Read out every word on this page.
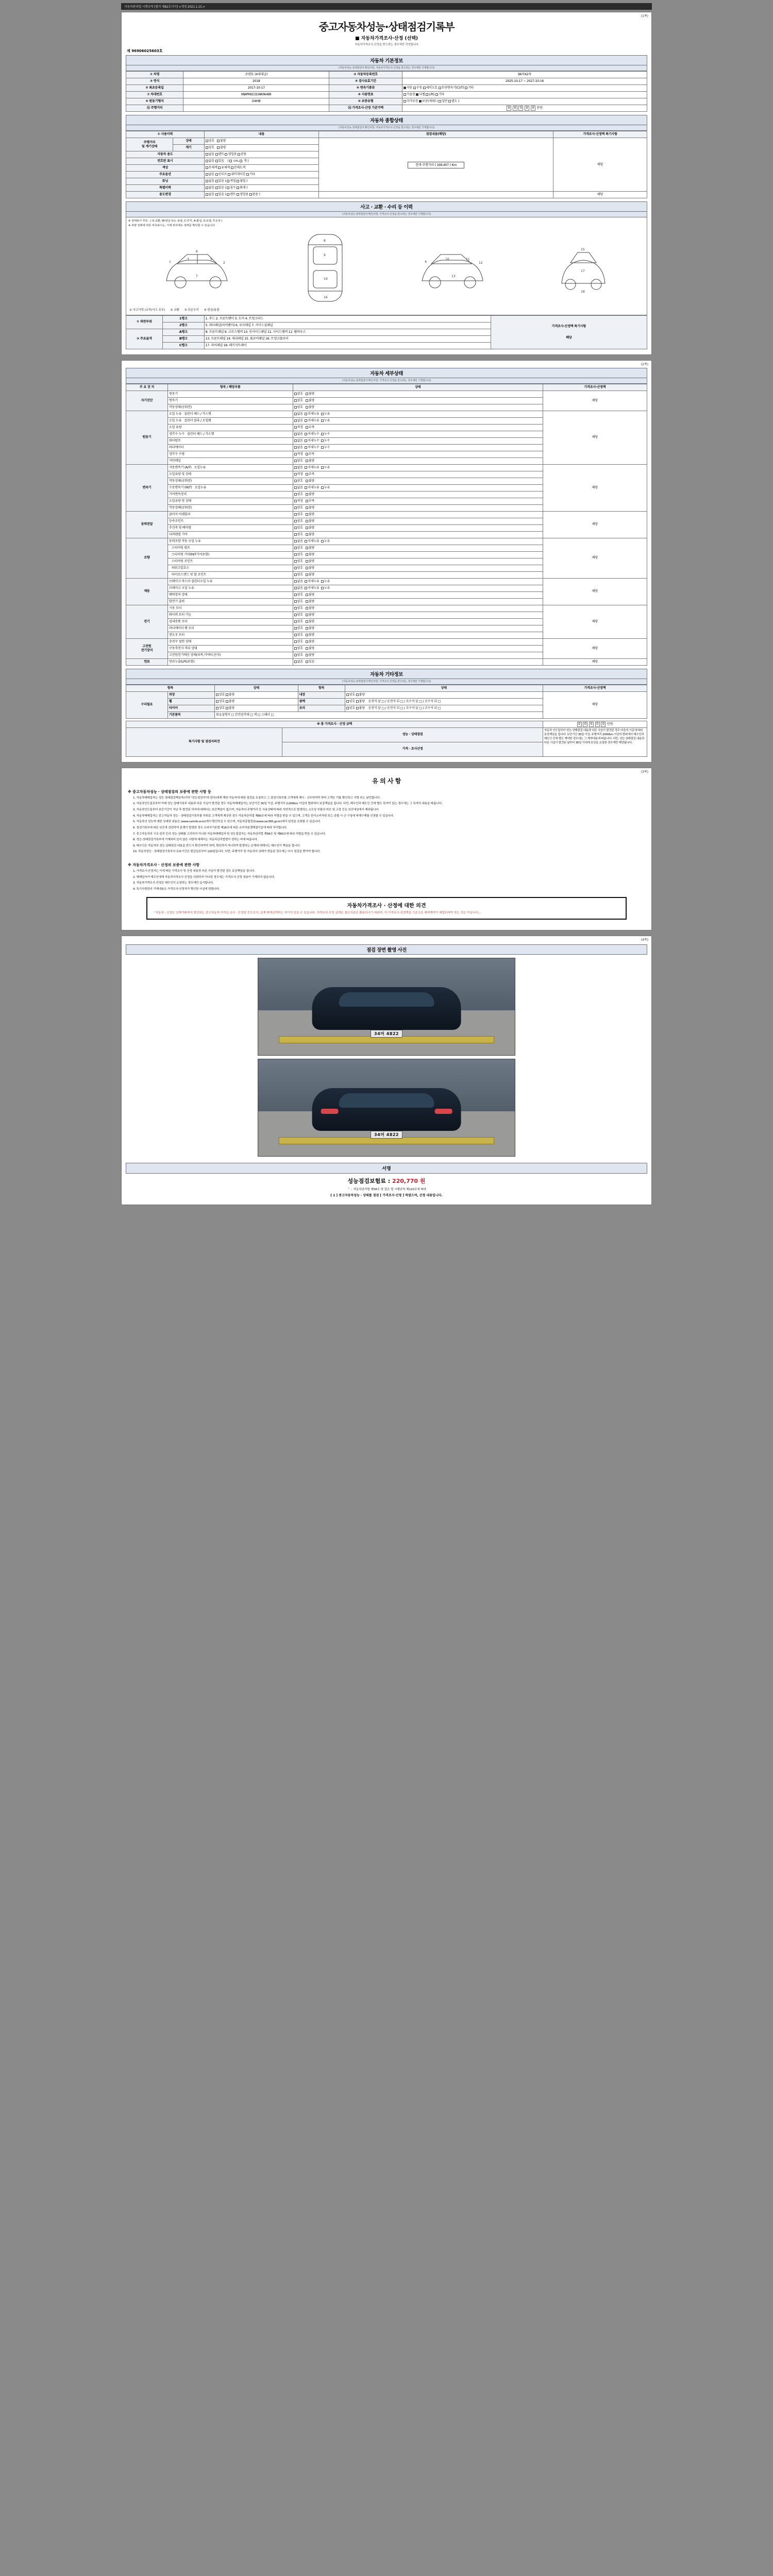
자동차관리법 시행규칙 [별지 제82호서식] <개정 2021.1.15.>
(1쪽)
중고자동차성능·상태점검기록부
■ 자동차가격조사·산정 (선택)
자동차가격조사·산정을 받으려는 경우에만 작성합니다
제 96906025603호
자동차 기본정보
(자동차성능·상태점검자 확인사항, 자동차가격조사·산정을 받으려는 경우에만 기재합니다)
① 차명	쏘렌토 (4세대급)	② 자동차등록번호	96차42차
③ 연식	2018	④ 검사유효기간	2025-10-17 ~ 2027-10-16
⑤ 최초등록일	2017-10-17	⑥ 변속기종류	자동 수동 세미오토 무단변속기(CVT) 기타
⑦ 차대번호	KNAPH81CDJAK06480	⑧ 사용연료	가솔린 디젤 LPG 기타
⑨ 원동기형식	D4HB	⑩ 보증유형	자가보증 보증(제외) ( 일반 별도 )
⑪ 주행거리		⑫ 가격조사·산정 기준가액	0 0 0 0 0 만원
자동차 종합상태
(자동차성능·상태점검자 확인사항, 자동차가격조사·산정을 받으려는 경우에만 기재합니다)
① 사용이력		내용	점검내용(해당)	가격조사·산정액 특기사항
주행거리
및 계기상태	상태	양호   불량	현재 주행거리 ( 169,407 ) Km	해당
	계기	양호   불량		
자동차 용도		없음 렌트 영업용 관용		
번호판 표시		없음 있음    (  cm,  개 )		
색상		무채색 유채색 전체도색		
주요옵션		없음 선루프 내비게이션 기타		
튜닝		없음 있음 ( 적법 불법 )		
특별이력		없음 있음 ( 침수 화재 )		
용도변경		없음 있음 ( 렌트 영업용 관용 )		해당
사고 · 교환 · 수리 등 이력
(자동차성능·상태점검자 확인사항, 가격조사·산정을 받으려는 경우에만 기재합니다)
※ 상태표시 부호 : ( X:교환, W:판금 또는 용접, C:부식, A:홈집, U:요철, T:손상 )
※ 차량 상태에 따른 부호표시는, 기재 위치에도 상태를 확인할 수 있습니다
1
3	5
2
6
7
8
9
14
16
4
10	11
12
13
15
17
18
① 사고이력 (교차/사고 유무) ② 교환 ③ 단순수리 ④ 판금/용접
① 외판부위	1랭크	1. 후드 2. 프론트펜더 3. 도어 4. 트렁크리드	가격조사·산정액 특기사항
해당

	2랭크	5. 쿼터패널(리어펜더) 6. 루프패널 7. 사이드실패널	
② 주요골격	A랭크	8. 프론트패널 9. 크로스멤버 10. 인사이드패널 11. 사이드멤버 12. 휠하우스	
	B랭크	13. 프론트패널 14. 대쉬패널 15. 플로어패널 16. 트렁크플로어	
	C랭크	17. 리어패널 18. 패키지트레이	
(2쪽)
자동차 세부상태
(자동차성능·상태점검자 확인사항, 가격조사·산정을 받으려는 경우에만 기재합니다)
주 요 장 치	항목 / 해당부품	상태	가격조사·산정액
자기진단	원동기	양호   불량	해당
	변속기	양호   불량	
	작동상태(공회전)	양호   불량	
원동기	오일 누유   실린더 헤드 / 가스켓	없음  미세누유  누유	해당
	오일 누유   실린더 블록 / 오일팬	없음  미세누유  누유	
	오일 유량	적정   부족	
	냉각수 누수   실린더 헤드 / 가스켓	없음  미세누수  누수	
	워터펌프	없음  미세누수  누수	
	라디에이터	없음  미세누수  누수	
	냉각수 수량	적정   부족	
	커먼레일	양호   불량	
변속기	자동변속기 (A/T)   오일누유	없음  미세누유  누유	해당
	오일유량 및 상태	적정   부족	
	작동상태(공회전)	양호   불량	
	수동변속기 (M/T)   오일누유	없음  미세누유  누유	
	기어변속장치	양호   불량	
	오일유량 및 상태	적정   부족	
	작동상태(공회전)	양호   불량	
동력전달	클러치 어셈블리	양호   불량	해당
	등속조인트	양호   불량	
	추진축 및 베어링	양호   불량	
	디퍼렌셜 기어	양호   불량	
조향	동력조향 작동 오일 누유	없음  미세누유  누유	해당
	스티어링 펌프	양호   불량	
	스티어링 기어(M/T기어포함)	양호   불량	
	스티어링 조인트	양호   불량	
	파워고압호스	양호   불량	
	타이로드엔드 및 볼 조인트	양호   불량	
제동	브레이크 마스터 실린더오일 누유	없음  미세누유  누유	해당
	브레이크 오일 누유	없음  미세누유  누유	
	배력장치 상태	양호   불량	
	발전기 출력	양호   불량	
전기	시동 모터	양호   불량	해당
	와이퍼 모터 기능	양호   불량	
	실내송풍 모터	양호   불량	
	라디에이터 팬 모터	양호   불량	
	윈도우 모터	양호   불량	
고전원
전기장치	충전구 절연 상태	양호   불량	해당
	구동축전지 격리 상태	양호   불량	
	고전원전기배선 상태(피복,커넥터,단자)	양호   불량	
연료	연료누출(LPG포함)	없음   있음	해당
자동차 기타정보
(자동차성능·상태점검자 확인사항, 가격조사·산정을 받으려는 경우에만 기재합니다)
항목		상태	항목	상태	가격조사·산정액
수리필요	외장	양호 불량	내장	양호 불량	해당
	휠	양호 불량	광택	양호 불량    운전석 앞 □ / 운전석 뒤 □ / 조수석 앞 □ / 조수석 뒤 □	
	타이어	양호 불량	유리	양호 불량    운전석 앞 □ / 운전석 뒤 □ / 조수석 앞 □ / 조수석 뒤 □	
	기본품목	취급설명서 □ 안전삼각대 □ 잭 □ 스패너 □			
※ 총 가격조사 · 산정 금액		0 0 0 0 0 만원
특기사항 및 점검자의견	성능 · 상태점검	자동차 인도일부터 성능·상태점검 내용과 다른 사실이 발견된 경우 다음의 기준에 따라 보상책임을 집니다. 보증기간 30일 이상, 주행거리 2000km 이상의 범위에서 매수인과 매도인 간에 별도 계약한 경우에는 그 계약내용에 따릅니다. 다만, 성능·상태점검 내용과 다른 사실이 발견된 날부터 30일 이내에 보상을 요청한 경우에만 해당됩니다.
	가격 · 조사산정	
(3쪽)
유 의 사 항
※ 중고자동차성능 · 상태점검의 보증에 관한 사항 등
1. 자동차매매업자는 성능·상태점검책임자(이하 "성능점검자"라 한다)에게 해당 자동차에 대한 점검을 요청하고 그 점검기록부를 고객에게 제시 · 교부하여야 하며 고객은 이를 확인하고 서명 또는 날인합니다.
2. 자동차인도일로부터 아래 성능·상태기록부 내용과 다른 사실이 발견된 경우 자동차매매업자는 보증기간 30일 이상, 주행거리 2,000km 이상의 범위에서 보상책임을 집니다. 다만, 매수인과 매도인 간에 별도 특약이 있는 경우에는 그 특약의 내용을 따릅니다.
3. 자동차인도일부터 보증기간이 지난 후 발견된 하자에 대해서는 보증책임이 없으며, 자동차의 주행거리 등 사용상태에 따라 자연적으로 발생하는 소모성 부품의 마모 및 고장 등은 보증대상에서 제외됩니다.
4. 자동차매매업자는 중고자동차 성능 · 상태점검기록부를 허위로 고객에게 제공한 경우 자동차관리법 제80조에 따라 처벌을 받을 수 있으며, 고객은 한국소비자원 또는 관할 시·군·구청에 피해구제를 신청할 수 있습니다.
5. 자동차의 성능에 대한 상세한 내용은 (www.carinfo.or.kr)에서 확인하실 수 있으며, 자동차종합정보(www.car365.go.kr)에서 남성을 조회할 수 있습니다.
6. 점검기록부에 따른 보증과 관련하여 분쟁이 발생한 경우 소비자기본법 제16조에 따른 소비자분쟁해결기준에 따라 처리합니다.
7. 중고자동차의 구조·장치 등의 성능·상태를 고지하지 아니한 자동차매매업자 및 성능점검자는 자동차관리법 제58조 및 제80조에 따라 처벌을 받을 수 있습니다.
8. 성능·상태점검기록부에 기재되어 있지 않은 사항에 대해서는 자동차관리법령이 정하는 바에 따릅니다.
9. 매수인은 자동차의 성능·상태점검 내용을 반드시 확인하여야 하며, 확인하지 아니하여 발생하는 손해에 대해서는 매수인이 책임을 집니다.
10. 자동차성능 · 상태점검기록부의 유효기간은 발급일로부터 120일입니다. 다만, 주행거리 및 자동차의 상태가 변동된 경우에는 다시 점검을 받아야 합니다.
※ 자동차가격조사 · 산정의 보증에 관한 사항
1. 가격조사·산정자는 이에 따른 가격조사 및 산정 내용과 다른 사실이 발견된 경우 보상책임을 집니다.
2. 매매업자가 매수인에게 자동차가격조사·산정을 의뢰하지 아니한 경우에는 가격조사·산정 내용이 기재되지 않습니다.
3. 자동차가격조사·산정은 매수인이 요청하는 경우에만 실시합니다.
4. 특기사항란의 기재내용은 가격조사·산정자가 확인한 사실에 한합니다.
자동차가격조사 · 산정에 대한 의견
「자동차 · 산정은 실제거래에서 형성되는 중고자동차 가격을 조사 · 산정한 것으로서, 실제 매매금액과는 차이가 있을 수 있습니다. 가격조사·산정 금액은 참고자료로 활용하시기 바라며, 이 가격조사·산정액을 기준으로 매매계약이 체결되어야 하는 것은 아닙니다.」
(4쪽)
점검 장면 촬영 사진
34머 4822
34머 4822
서명
성능점검보험료 : 220,770 원
「 」자동차관리법 제58조 및 같은 법 시행규칙 제120조에 따라
[ 1 ] 중고자동차성능 · 상태를 점검 [ 가격조사·산정 ] 하였으며, 산정 내용입니다.
